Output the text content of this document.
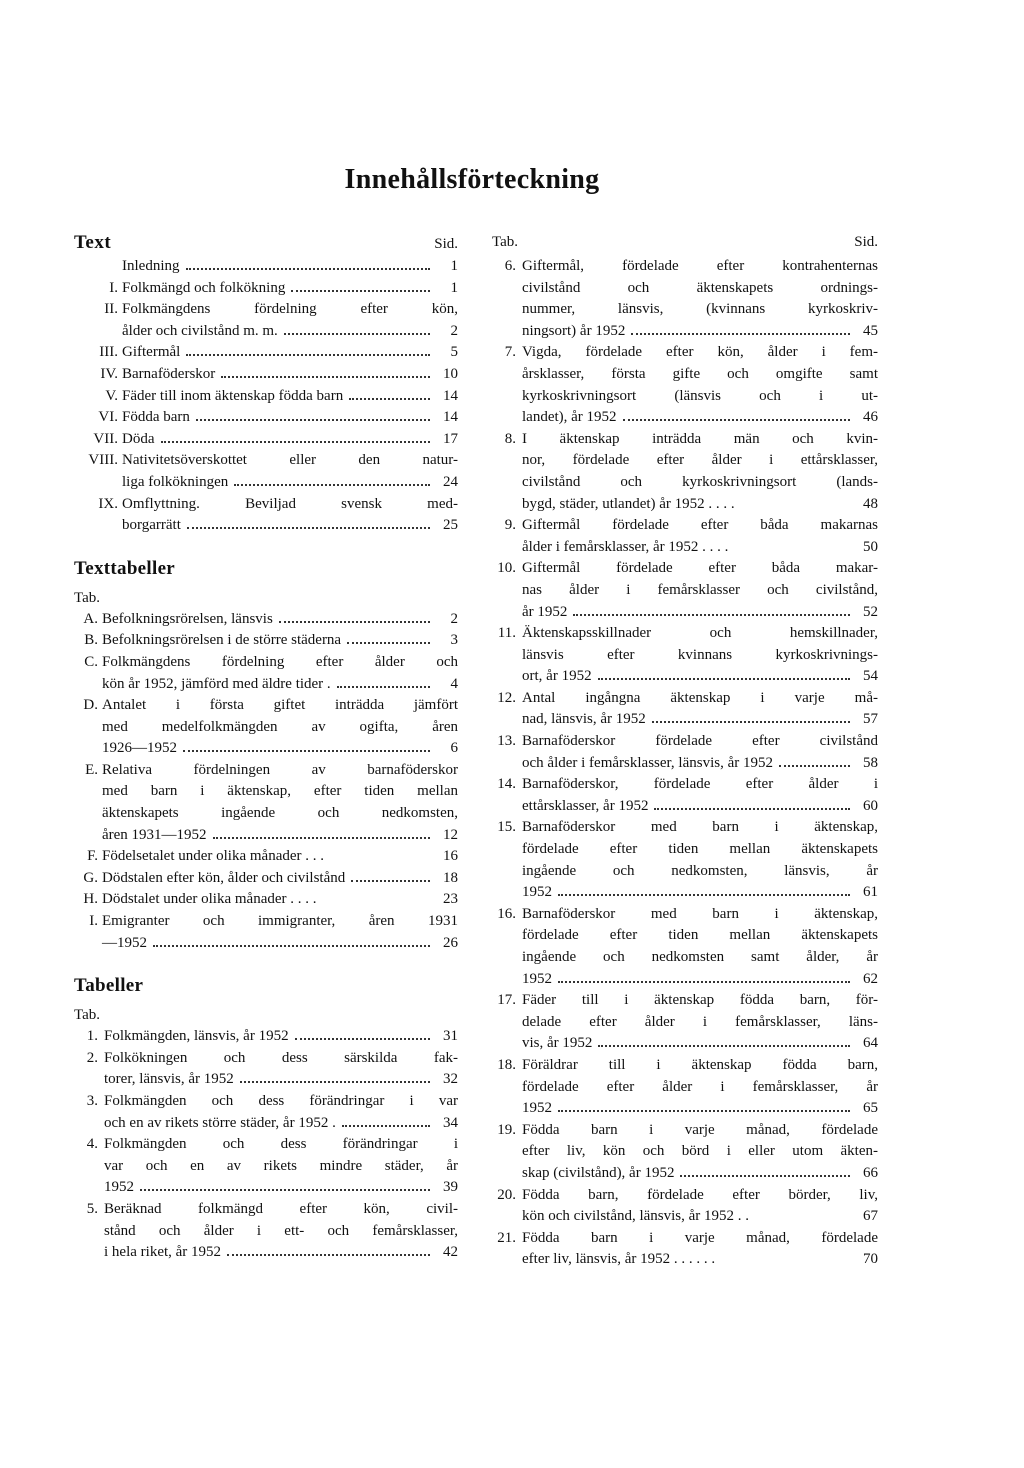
Innehållsförteckning
Text	Sid.
Inledning	1
I. Folkmängd och folkökning	1
II. Folkmängdens fördelning efter kön,
ålder och civilstånd m. m.	2
III. Giftermål	5
IV. Barnaföderskor	10
V. Fäder till inom äktenskap födda barn	14
VI. Födda barn	14
VII. Döda	17
VIII. Nativitetsöverskottet eller den natur-
liga folkökningen	24
IX. Omflyttning. Beviljad svensk med-
borgarrätt	25
Texttabeller
Tab.
A. Befolkningsrörelsen, länsvis	2
B. Befolkningsrörelsen i de större städerna	3
C. Folkmängdens fördelning efter ålder och
kön år 1952, jämförd med äldre tider .	4
D. Antalet i första giftet inträdda jämfört
med medelfolkmängden av ogifta, åren
1926—1952	6
E. Relativa fördelningen av barnaföderskor
med barn i äktenskap, efter tiden mellan
äktenskapets ingående och nedkomsten,
åren 1931—1952	12
F. Födelsetalet under olika månader . . .	16
G. Dödstalen efter kön, ålder och civilstånd	18
H. Dödstalet under olika månader . . . .	23
I. Emigranter och immigranter, åren 1931
—1952	26
Tabeller
Tab.
1. Folkmängden, länsvis, år 1952	31
2. Folkökningen och dess särskilda fak-
torer, länsvis, år 1952	32
3. Folkmängden och dess förändringar i var
och en av rikets större städer, år 1952 .	34
4. Folkmängden och dess förändringar i
var och en av rikets mindre städer, år
1952	39
5. Beräknad folkmängd efter kön, civil-
stånd och ålder i ett- och femårsklasser,
i hela riket, år 1952	42
Tab.	Sid.
6. Giftermål, fördelade efter kontrahenternas
civilstånd och äktenskapets ordnings-
nummer, länsvis, (kvinnans kyrkoskriv-
ningsort) år 1952	45
7. Vigda, fördelade efter kön, ålder i fem-
årsklasser, första gifte och omgifte samt
kyrkoskrivningsort (länsvis och i ut-
landet), år 1952	46
8. I äktenskap inträdda män och kvin-
nor, fördelade efter ålder i ettårsklasser,
civilstånd och kyrkoskrivningsort (lands-
bygd, städer, utlandet) år 1952 . . . .	48
9. Giftermål fördelade efter båda makarnas
ålder i femårsklasser, år 1952 . . . .	50
10. Giftermål fördelade efter båda makar-
nas ålder i femårsklasser och civilstånd,
år 1952	52
11. Äktenskapsskillnader och hemskillnader,
länsvis efter kvinnans kyrkoskrivnings-
ort, år 1952	54
12. Antal ingångna äktenskap i varje må-
nad, länsvis, år 1952	57
13. Barnaföderskor fördelade efter civilstånd
och ålder i femårsklasser, länsvis, år 1952	58
14. Barnaföderskor, fördelade efter ålder i
ettårsklasser, år 1952	60
15. Barnaföderskor med barn i äktenskap,
fördelade efter tiden mellan äktenskapets
ingående och nedkomsten, länsvis, år
1952	61
16. Barnaföderskor med barn i äktenskap,
fördelade efter tiden mellan äktenskapets
ingående och nedkomsten samt ålder, år
1952	62
17. Fäder till i äktenskap födda barn, för-
delade efter ålder i femårsklasser, läns-
vis, år 1952	64
18. Föräldrar till i äktenskap födda barn,
fördelade efter ålder i femårsklasser, år
1952	65
19. Födda barn i varje månad, fördelade
efter liv, kön och börd i eller utom äkten-
skap (civilstånd), år 1952	66
20. Födda barn, fördelade efter börder, liv,
kön och civilstånd, länsvis, år 1952 . .	67
21. Födda barn i varje månad, fördelade
efter liv, länsvis, år 1952 . . . . . .	70
